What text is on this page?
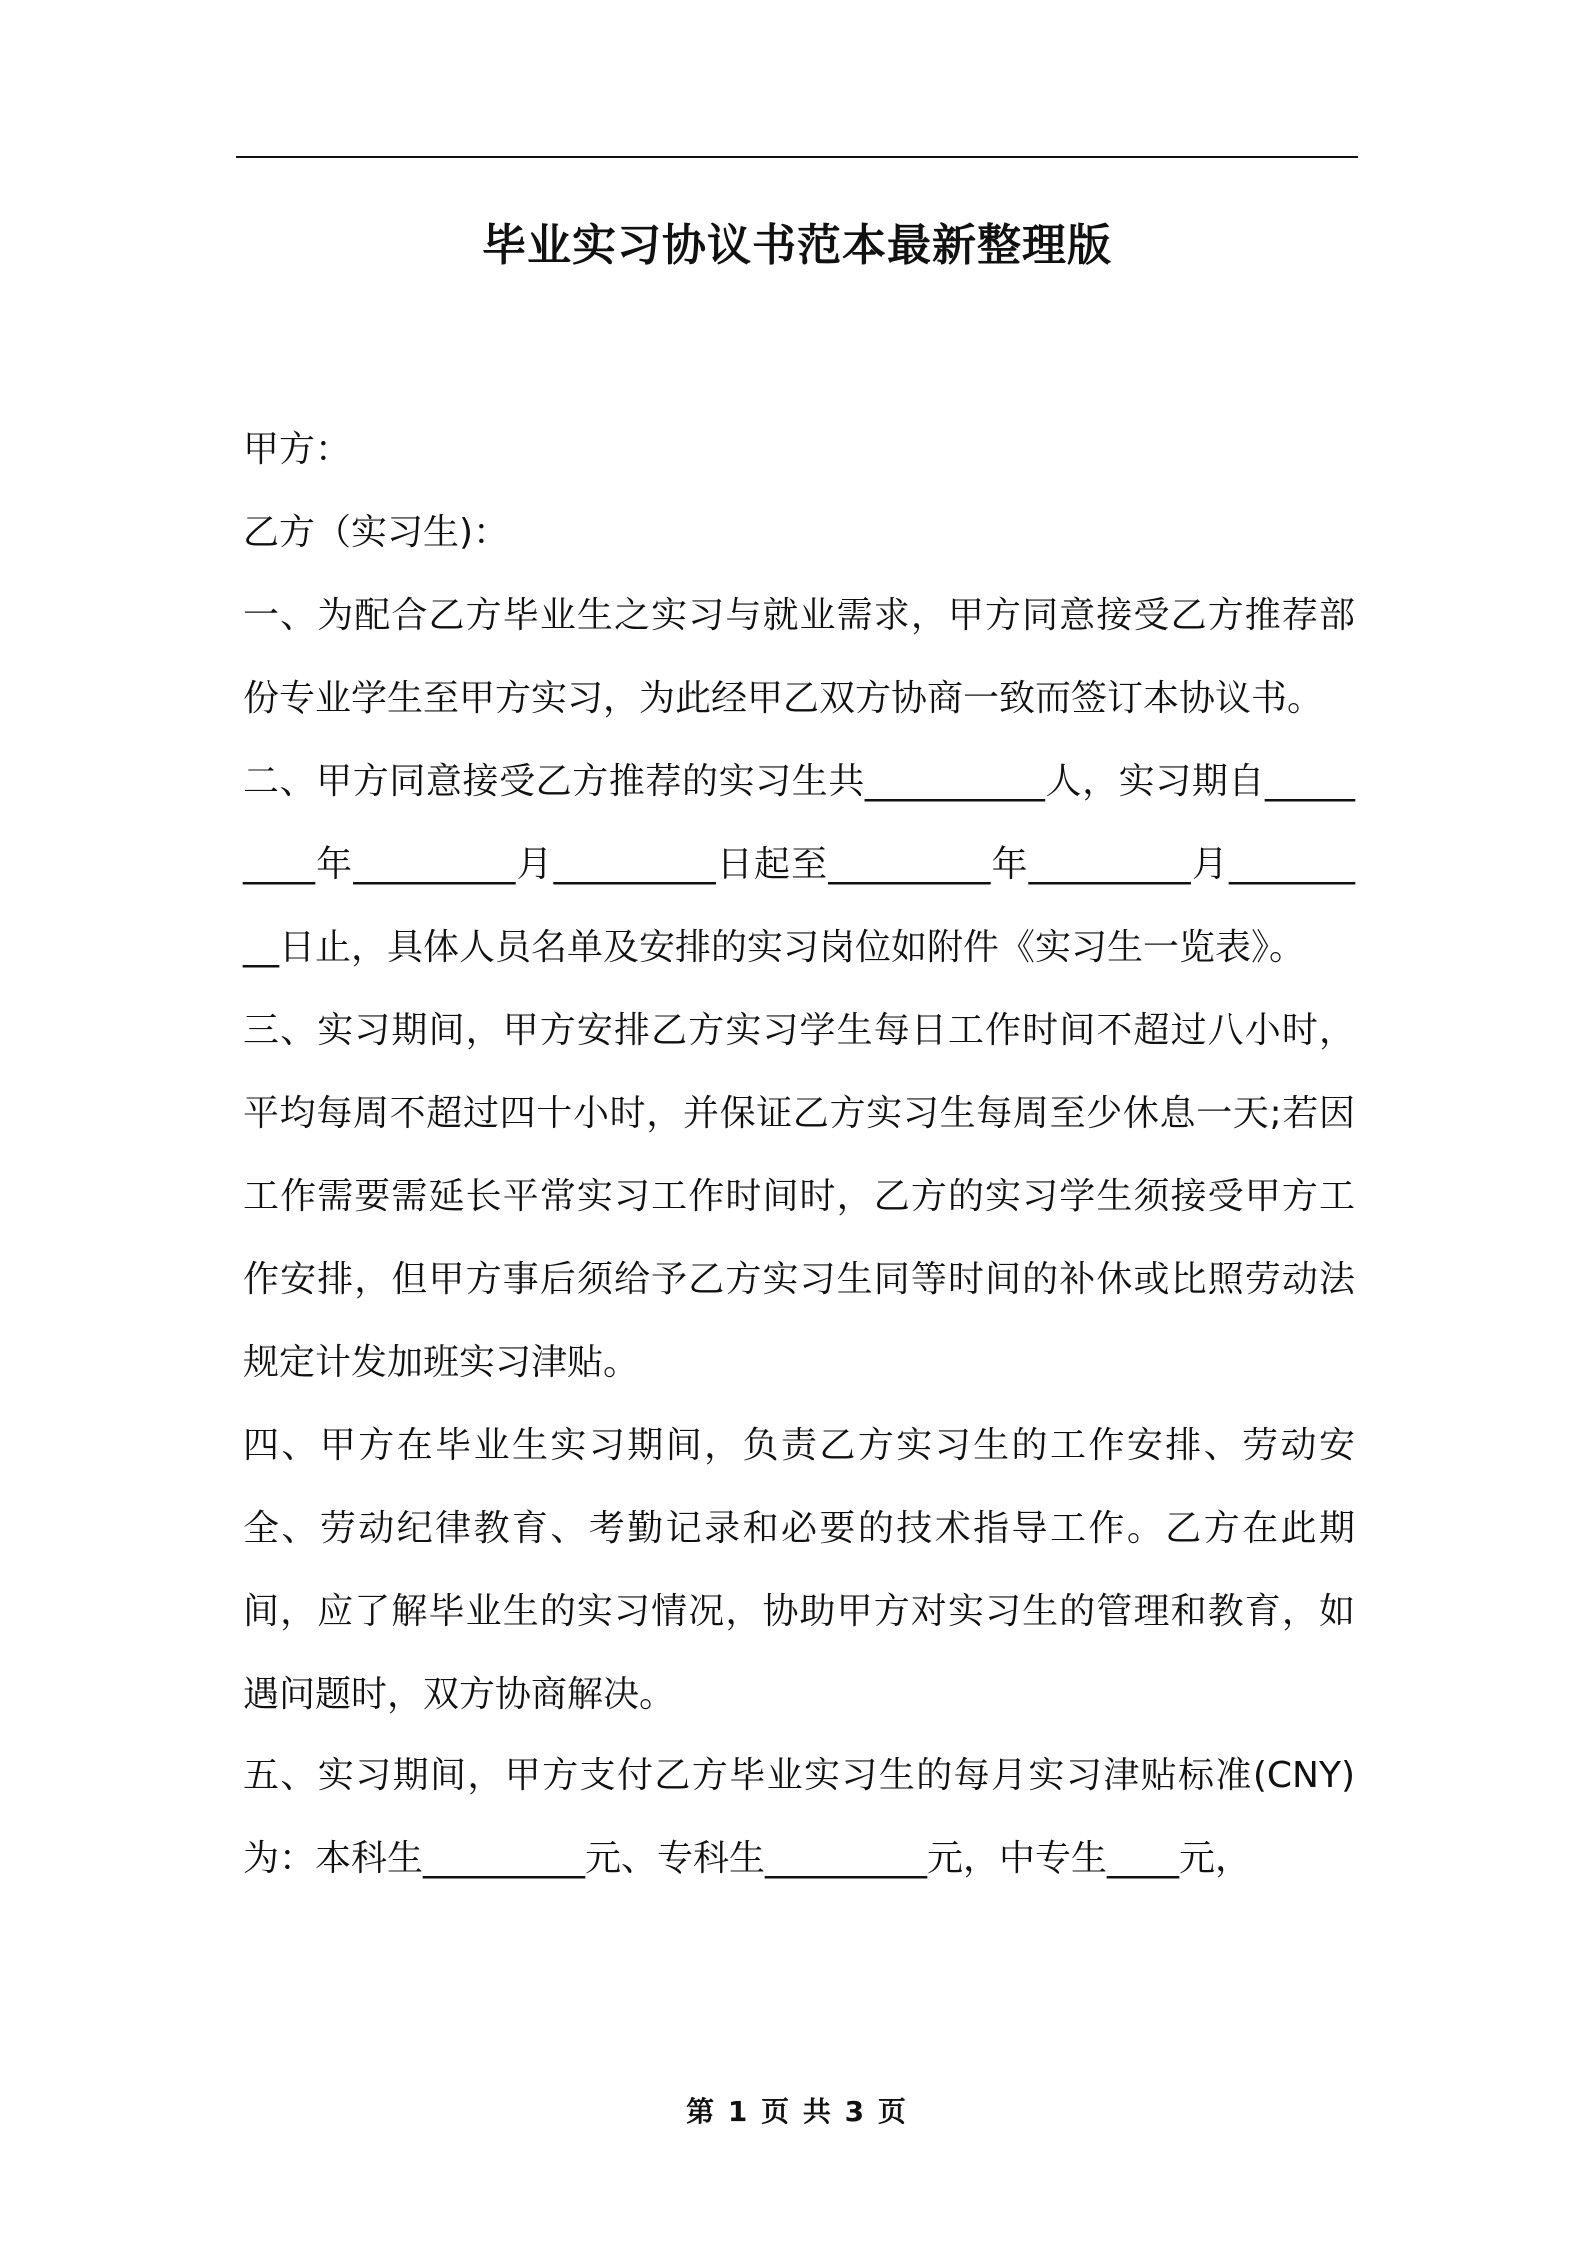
毕业实习协议书范本最新整理版

甲方：

乙方（实习生)：

一、为配合乙方毕业生之实习与就业需求，甲方同意接受乙方推荐部份专业学生至甲方实习，为此经甲乙双方协商一致而签订本协议书。

二、甲方同意接受乙方推荐的实习生共__________人，实习期自_________年_________月_________日起至_________年_________月_________日止，具体人员名单及安排的实习岗位如附件《实习生一览表》。

三、实习期间，甲方安排乙方实习学生每日工作时间不超过八小时，平均每周不超过四十小时，并保证乙方实习生每周至少休息一天;若因工作需要需延长平常实习工作时间时，乙方的实习学生须接受甲方工作安排，但甲方事后须给予乙方实习生同等时间的补休或比照劳动法规定计发加班实习津贴。

四、甲方在毕业生实习期间，负责乙方实习生的工作安排、劳动安全、劳动纪律教育、考勤记录和必要的技术指导工作。乙方在此期间，应了解毕业生的实习情况，协助甲方对实习生的管理和教育，如遇问题时，双方协商解决。

五、实习期间，甲方支付乙方毕业实习生的每月实习津贴标准(CNY)为：本科生_________元、专科生_________元，中专生____元，

第 1 页 共 3 页
